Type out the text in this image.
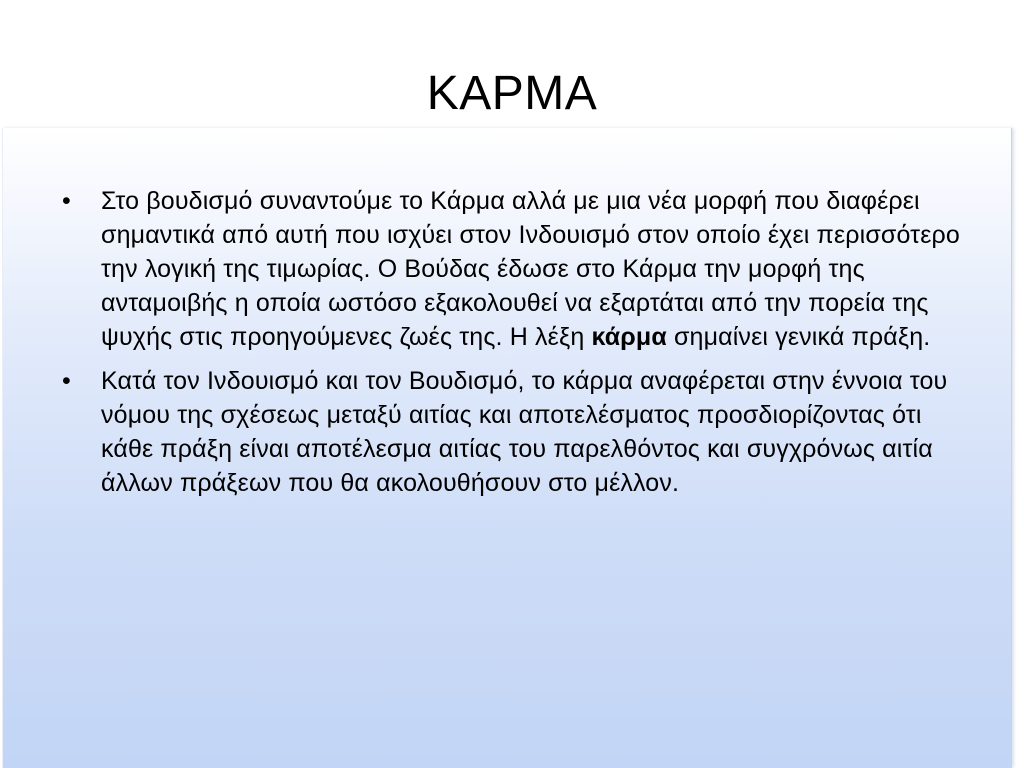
ΚΑΡΜΑ
• Στο βουδισμό συναντούμε το Κάρμα αλλά με μια νέα μορφή που διαφέρει σημαντικά από αυτή που ισχύει στον Ινδουισμό στον οποίο έχει περισσότερο την λογική της τιμωρίας. Ο Βούδας έδωσε στο Κάρμα την μορφή της ανταμοιβής η οποία ωστόσο εξακολουθεί να εξαρτάται από την πορεία της ψυχής στις προηγούμενες ζωές της. Η λέξη κάρμα σημαίνει γενικά πράξη.
• Κατά τον Ινδουισμό και τον Βουδισμό, το κάρμα αναφέρεται στην έννοια του νόμου της σχέσεως μεταξύ αιτίας και αποτελέσματος προσδιορίζοντας ότι κάθε πράξη είναι αποτέλεσμα αιτίας του παρελθόντος και συγχρόνως αιτία άλλων πράξεων που θα ακολουθήσουν στο μέλλον.
